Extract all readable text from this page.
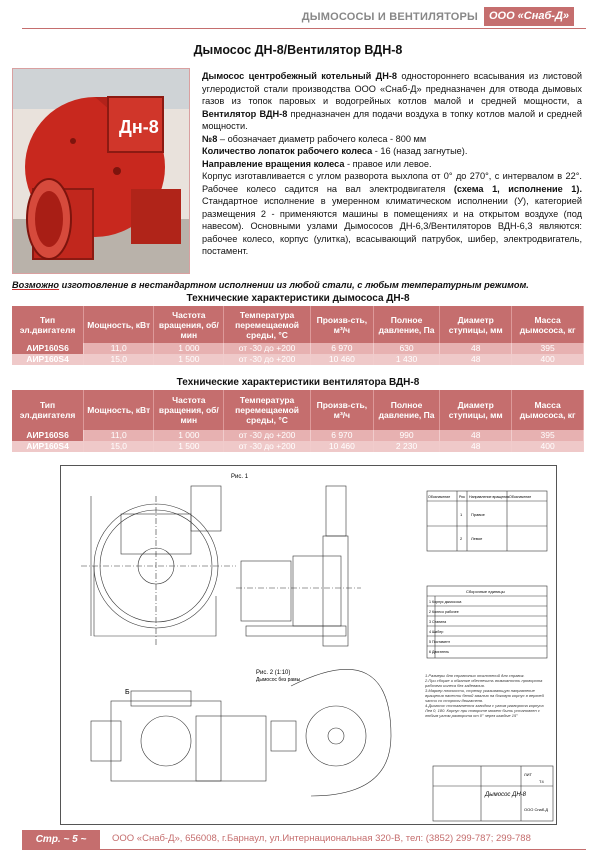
ДЫМОСОСЫ И ВЕНТИЛЯТОРЫ ООО «Снаб-Д»
Дымосос ДН-8/Вентилятор ВДН-8
Дн-8

Дымосос центробежный котельный ДН-8 одностороннего всасывания из листовой углеродистой стали производства ООО «Снаб-Д» предназначен для отвода дымовых газов из топок паровых и водогрейных котлов малой и средней мощности, а Вентилятор ВДН-8 предназначен для подачи воздуха в топку котлов малой и средней мощности.

№8 – обозначает диаметр рабочего колеса - 800 мм

Количество лопаток рабочего колеса - 16 (назад загнутые).

Направление вращения колеса - правое или левое.

Корпус изготавливается с углом разворота выхлопа от 0° до 270°, с интервалом в 22°. Рабочее колесо садится на вал электродвигателя (схема 1, исполнение 1). Стандартное исполнение в умеренном климатическом исполнении (У), категорией размещения 2 - применяются машины в помещениях и на открытом воздухе (под навесом). Основными узлами Дымососов ДН-6,3/Вентиляторов ВДН-6,3 являются: рабочее колесо, корпус (улитка), всасывающий патрубок, шибер, электродвигатель, постамент.

Возможно изготовление в нестандартном исполнении из любой стали, с любым температурным режимом.
Технические характеристики дымососа ДН-8
Тип эл.двигателя	Мощность, кВт	Частота вращения, об/мин	Температура перемещаемой среды, °С	Произв-сть, м³/ч	Полное давление, Па	Диаметр ступицы, мм	Масса дымососа, кг
АИР160S6	11,0	1 000	от -30 до +200	6 970	630	48	395
АИР160S4	15,0	1 500	от -30 до +200	10 460	1 430	48	400
Технические характеристики вентилятора ВДН-8
Тип эл.двигателя	Мощность, кВт	Частота вращения, об/мин	Температура перемещаемой среды, °С	Произв-сть, м³/ч	Полное давление, Па	Диаметр ступицы, мм	Масса дымососа, кг
АИР160S6	11,0	1 000	от -30 до +200	6 970	990	48	395
АИР160S4	15,0	1 500	от -30 до +200	10 460	2 230	48	400
Рис. 1
Рис. 2 (1:10)
Дымосос без рамы
Б
Обозначение Рис Направление вращения Обозначение
1 Правое
2 Левое
Сборочные единицы
1 Корпус дымососа
2 Колесо рабочее
3 Станина
4 Шибер
5 Постамент
6 Двигатель
1.Размеры для справочных отклонений для справок.
2.При сборке и обкатке обеспечить возможность проворота рабочего колеса без задевания.
3.Маркер плоскости, стрелку указывающую направление вращения нанести белой эмалью на боковую корпус в верхней части со стороны двигателя.
4.Дымосос поставляется заводом с углом разворота корпуса Лев 0, 180. Корпус при повороте может быть установлен с любым углом разворота от 0° через каждые 15°
Дымосос ДН-8
ЛИТ
Т4
ООО Снаб-Д
Стр. ~ 5 ~	ООО «Снаб-Д», 656008, г.Барнаул, ул.Интернациональная 320-В, тел: (3852) 299-787; 299-788
